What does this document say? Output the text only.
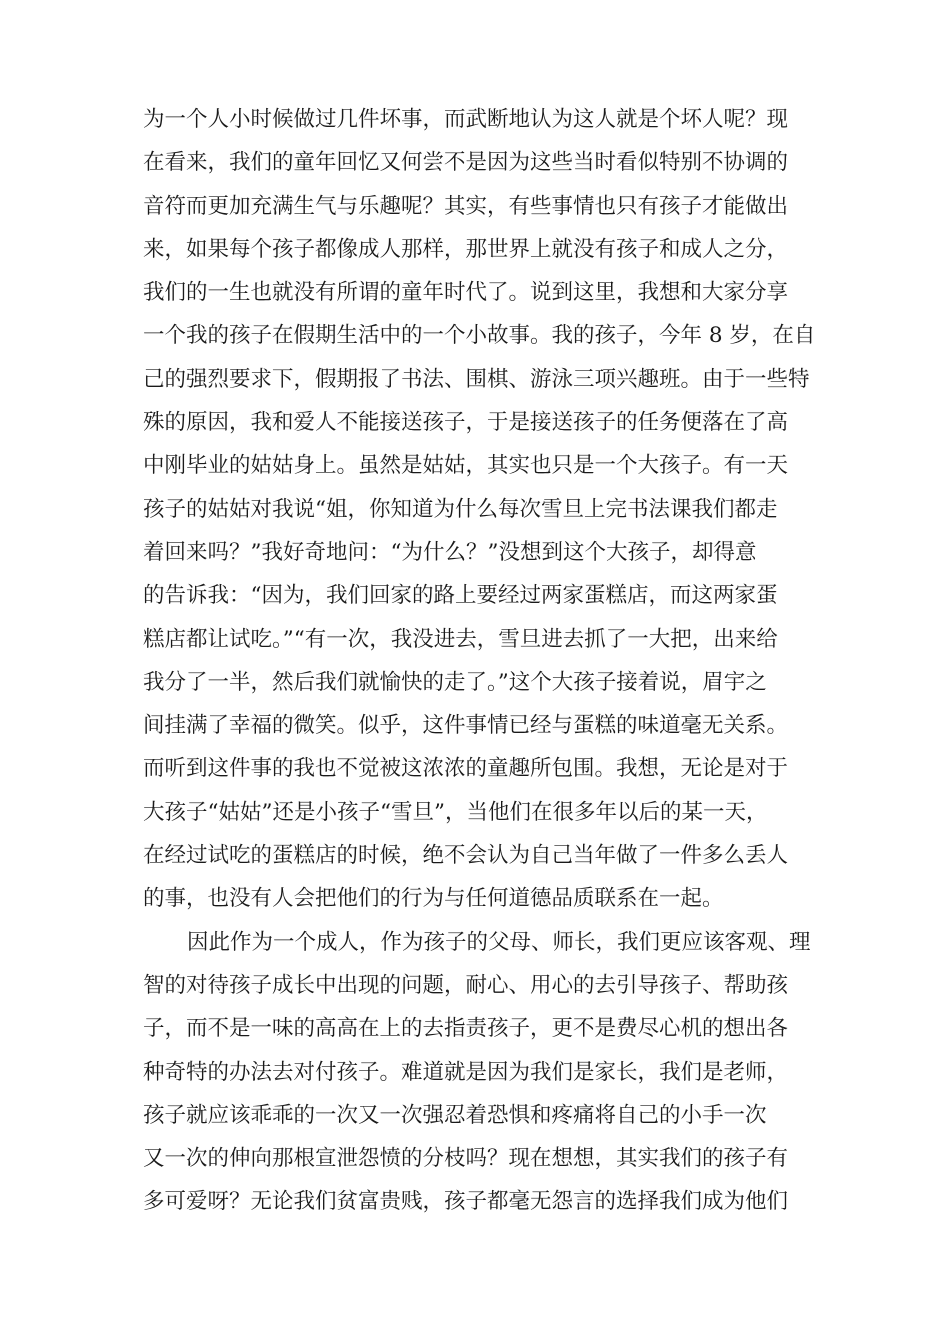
为一个人小时候做过几件坏事，而武断地认为这人就是个坏人呢？现
在看来，我们的童年回忆又何尝不是因为这些当时看似特别不协调的
音符而更加充满生气与乐趣呢？其实，有些事情也只有孩子才能做出
来，如果每个孩子都像成人那样，那世界上就没有孩子和成人之分，
我们的一生也就没有所谓的童年时代了。说到这里，我想和大家分享
一个我的孩子在假期生活中的一个小故事。我的孩子，今年 8 岁，在自
己的强烈要求下，假期报了书法、围棋、游泳三项兴趣班。由于一些特
殊的原因，我和爱人不能接送孩子，于是接送孩子的任务便落在了高
中刚毕业的姑姑身上。虽然是姑姑，其实也只是一个大孩子。有一天
孩子的姑姑对我说“姐，你知道为什么每次雪旦上完书法课我们都走
着回来吗？”我好奇地问：“为什么？”没想到这个大孩子，却得意
的告诉我：“因为，我们回家的路上要经过两家蛋糕店，而这两家蛋
糕店都让试吃。”“有一次，我没进去，雪旦进去抓了一大把，出来给
我分了一半，然后我们就愉快的走了。”这个大孩子接着说，眉宇之
间挂满了幸福的微笑。似乎，这件事情已经与蛋糕的味道毫无关系。
而听到这件事的我也不觉被这浓浓的童趣所包围。我想，无论是对于
大孩子“姑姑”还是小孩子“雪旦”，当他们在很多年以后的某一天，
在经过试吃的蛋糕店的时候，绝不会认为自己当年做了一件多么丢人
的事，也没有人会把他们的行为与任何道德品质联系在一起。
因此作为一个成人，作为孩子的父母、师长，我们更应该客观、理
智的对待孩子成长中出现的问题，耐心、用心的去引导孩子、帮助孩
子，而不是一味的高高在上的去指责孩子，更不是费尽心机的想出各
种奇特的办法去对付孩子。难道就是因为我们是家长，我们是老师，
孩子就应该乖乖的一次又一次强忍着恐惧和疼痛将自己的小手一次
又一次的伸向那根宣泄怨愤的分枝吗？现在想想，其实我们的孩子有
多可爱呀？无论我们贫富贵贱，孩子都毫无怨言的选择我们成为他们
